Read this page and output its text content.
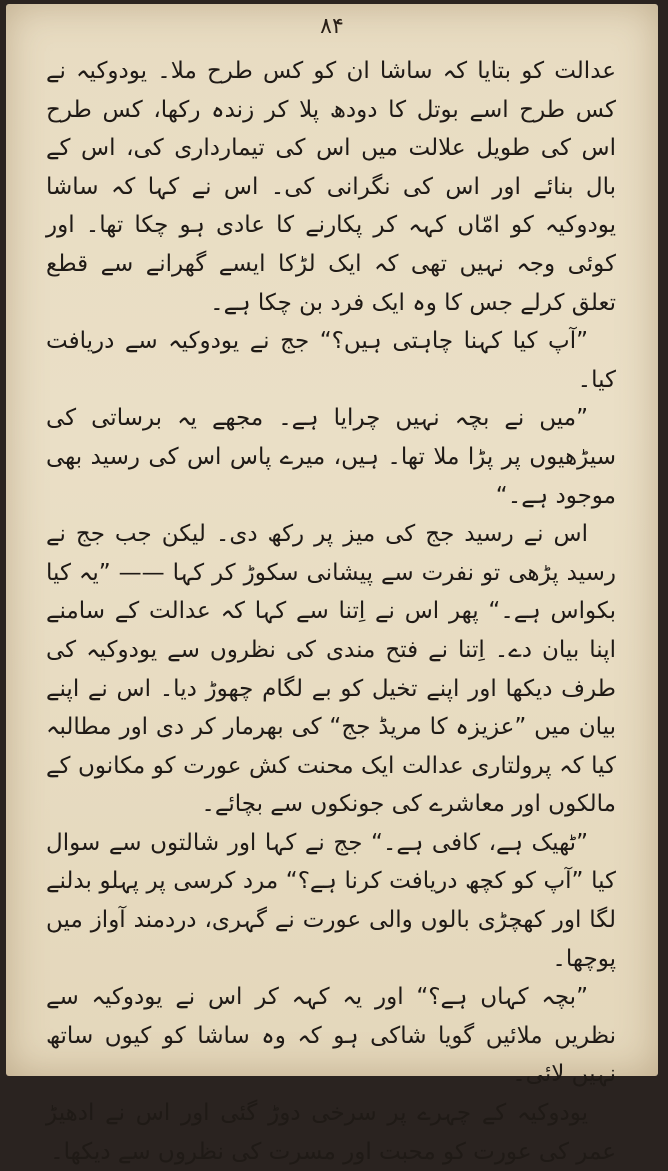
۸۴

عدالت کو بتایا کہ ساشا ان کو کس طرح ملا۔ یودوکیہ نے کس طرح اسے بوتل کا دودھ پلا کر زندہ رکھا، کس طرح اس کی طویل علالت میں اس کی تیمارداری کی، اس کے بال بنائے اور اس کی نگرانی کی۔ اس نے کہا کہ ساشا یودوکیہ کو امّاں کہہ کر پکارنے کا عادی ہو چکا تھا۔ اور کوئی وجہ نہیں تھی کہ ایک لڑکا ایسے گھرانے سے قطع تعلق کرلے جس کا وہ ایک فرد بن چکا ہے۔

”آپ کیا کہنا چاہتی ہیں؟“ جج نے یودوکیہ سے دریافت کیا۔

”میں نے بچہ نہیں چرایا ہے۔ مجھے یہ برساتی کی سیڑھیوں پر پڑا ملا تھا۔ ہیں، میرے پاس اس کی رسید بھی موجود ہے۔“

اس نے رسید جج کی میز پر رکھ دی۔ لیکن جب جج نے رسید پڑھی تو نفرت سے پیشانی سکوڑ کر کہا —— ”یہ کیا بکواس ہے۔“ پھر اس نے اِتنا سے کہا کہ عدالت کے سامنے اپنا بیان دے۔ اِتنا نے فتح مندی کی نظروں سے یودوکیہ کی طرف دیکھا اور اپنے تخیل کو بے لگام چھوڑ دیا۔ اس نے اپنے بیان میں ”عزیزہ کا مریڈ جج“ کی بھرمار کر دی اور مطالبہ کیا کہ پرولتاری عدالت ایک محنت کش عورت کو مکانوں کے مالکوں اور معاشرے کی جونکوں سے بچائے۔

”ٹھیک ہے، کافی ہے۔“ جج نے کہا اور شالتوں سے سوال کیا ”آپ کو کچھ دریافت کرنا ہے؟“ مرد کرسی پر پہلو بدلنے لگا اور کھچڑی بالوں والی عورت نے گہری، دردمند آواز میں پوچھا۔

”بچہ کہاں ہے؟“ اور یہ کہہ کر اس نے یودوکیہ سے نظریں ملائیں گویا شاکی ہو کہ وہ ساشا کو کیوں ساتھ نہیں لائی۔

یودوکیہ کے چہرے پر سرخی دوڑ گئی اور اس نے ادھیڑ عمر کی عورت کو محبت اور مسرت کی نظروں سے دیکھا۔
